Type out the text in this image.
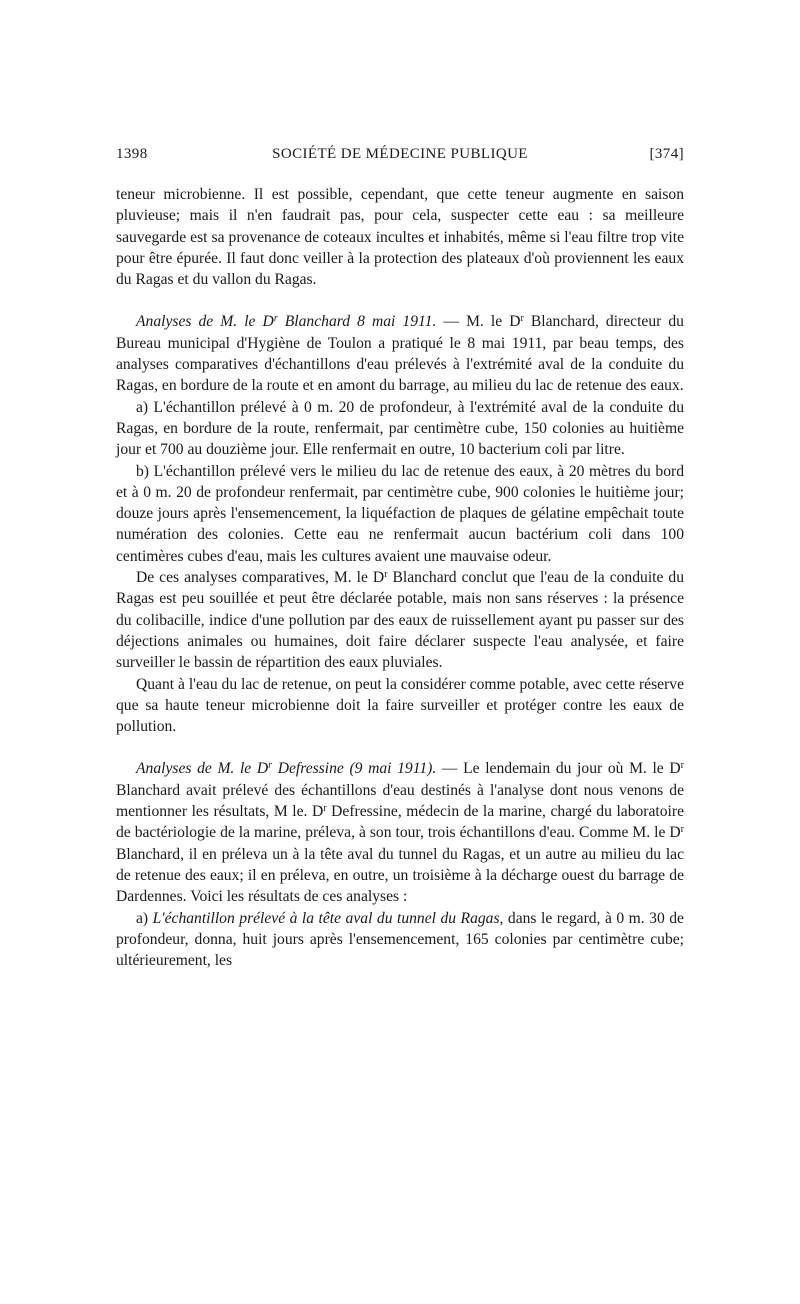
1398	SOCIÉTÉ DE MÉDECINE PUBLIQUE	[374]

teneur microbienne. Il est possible, cependant, que cette teneur augmente en saison pluvieuse; mais il n'en faudrait pas, pour cela, suspecter cette eau : sa meilleure sauvegarde est sa provenance de coteaux incultes et inhabités, même si l'eau filtre trop vite pour être épurée. Il faut donc veiller à la protection des plateaux d'où proviennent les eaux du Ragas et du vallon du Ragas.

Analyses de M. le $D^r$ Blanchard 8 mai 1911. — M. le $D^r$ Blanchard, directeur du Bureau municipal d'Hygiène de Toulon a pratiqué le 8 mai 1911, par beau temps, des analyses comparatives d'échantillons d'eau prélevés à l'extrémité aval de la conduite du Ragas, en bordure de la route et en amont du barrage, au milieu du lac de retenue des eaux.

a) L'échantillon prélevé à 0 m. 20 de profondeur, à l'extrémité aval de la conduite du Ragas, en bordure de la route, renfermait, par centimètre cube, 150 colonies au huitième jour et 700 au douzième jour. Elle renfermait en outre, 10 bacterium coli par litre.

b) L'échantillon prélevé vers le milieu du lac de retenue des eaux, à 20 mètres du bord et à 0 m. 20 de profondeur renfermait, par centimètre cube, 900 colonies le huitième jour; douze jours après l'ensemencement, la liquéfaction de plaques de gélatine empêchait toute numération des colonies. Cette eau ne renfermait aucun bactérium coli dans 100 centimères cubes d'eau, mais les cultures avaient une mauvaise odeur.

De ces analyses comparatives, M. le $D^r$ Blanchard conclut que l'eau de la conduite du Ragas est peu souillée et peut être déclarée potable, mais non sans réserves : la présence du colibacille, indice d'une pollution par des eaux de ruissellement ayant pu passer sur des déjections animales ou humaines, doit faire déclarer suspecte l'eau analysée, et faire surveiller le bassin de répartition des eaux pluviales.

Quant à l'eau du lac de retenue, on peut la considérer comme potable, avec cette réserve que sa haute teneur microbienne doit la faire surveiller et protéger contre les eaux de pollution.

Analyses de M. le $D^r$ Defressine (9 mai 1911). — Le lendemain du jour où M. le $D^r$ Blanchard avait prélevé des échantillons d'eau destinés à l'analyse dont nous venons de mentionner les résultats, M le. $D^r$ Defressine, médecin de la marine, chargé du laboratoire de bactériologie de la marine, préleva, à son tour, trois échantillons d'eau. Comme M. le $D^r$ Blanchard, il en préleva un à la tête aval du tunnel du Ragas, et un autre au milieu du lac de retenue des eaux; il en préleva, en outre, un troisième à la décharge ouest du barrage de Dardennes. Voici les résultats de ces analyses :

a) L'échantillon prélevé à la tête aval du tunnel du Ragas, dans le regard, à 0 m. 30 de profondeur, donna, huit jours après l'ensemencement, 165 colonies par centimètre cube; ultérieurement, les
